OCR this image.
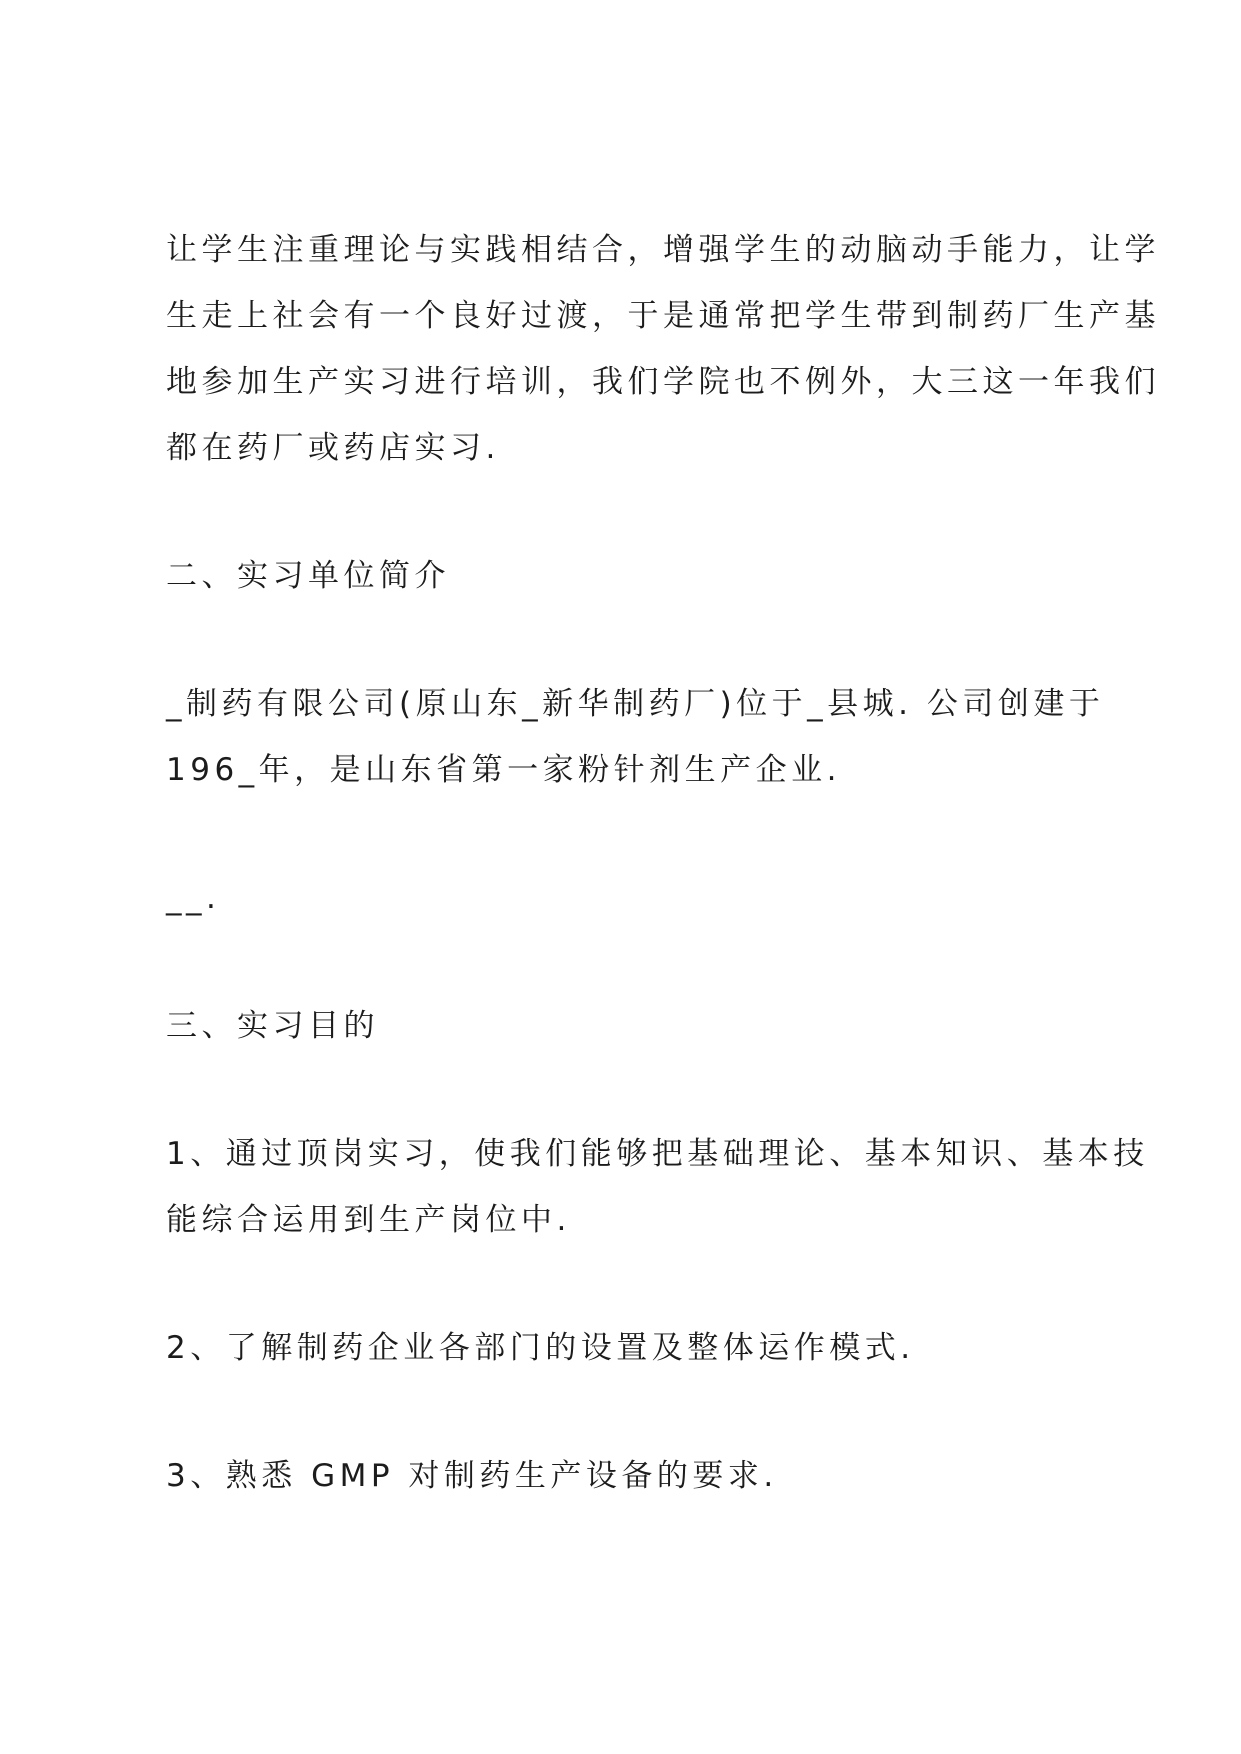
让学生注重理论与实践相结合，增强学生的动脑动手能力，让学
生走上社会有一个良好过渡，于是通常把学生带到制药厂生产基
地参加生产实习进行培训，我们学院也不例外，大三这一年我们
都在药厂或药店实习.
二、实习单位简介
_制药有限公司(原山东_新华制药厂)位于_县城. 公司创建于
196_年，是山东省第一家粉针剂生产企业.
__.
三、实习目的
1、通过顶岗实习，使我们能够把基础理论、基本知识、基本技
能综合运用到生产岗位中.
2、了解制药企业各部门的设置及整体运作模式.
3、熟悉 GMP 对制药生产设备的要求.
